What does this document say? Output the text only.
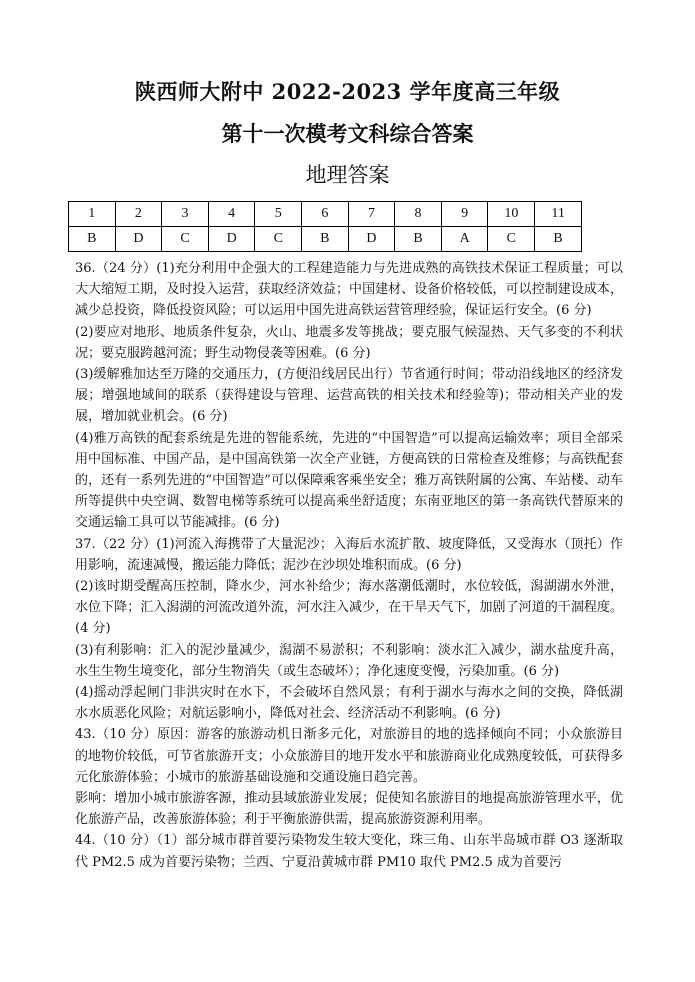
陕西师大附中 2022-2023 学年度高三年级
第十一次模考文科综合答案
地理答案
1	2	3	4	5	6	7	8	9	10	11
B	D	C	D	C	B	D	B	A	C	B

36.（24 分）(1)充分利用中企强大的工程建造能力与先进成熟的高铁技术保证工程质量；可以大大缩短工期，及时投入运营，获取经济效益；中国建材、设备价格较低，可以控制建设成本，减少总投资，降低投资风险；可以运用中国先进高铁运营管理经验，保证运行安全。(6 分)

(2)要应对地形、地质条件复杂，火山、地震多发等挑战；要克服气候湿热、天气多变的不利状况；要克服跨越河流；野生动物侵袭等困难。(6 分)

(3)缓解雅加达至万隆的交通压力，(方便沿线居民出行）节省通行时间；带动沿线地区的经济发展；增强地域间的联系（获得建设与管理、运营高铁的相关技术和经验等)；带动相关产业的发展，增加就业机会。(6 分)

(4)雅万高铁的配套系统是先进的智能系统，先进的“中国智造”可以提高运输效率；项目全部采用中国标准、中国产品，是中国高铁第一次全产业链，方便高铁的日常检查及维修；与高铁配套的，还有一系列先进的“中国智造”可以保障乘客乘坐安全；雅万高铁附属的公寓、车站楼、动车所等提供中央空调、数智电梯等系统可以提高乘坐舒适度；东南亚地区的第一条高铁代替原来的交通运输工具可以节能减排。(6 分)

37.（22 分）(1)河流入海携带了大量泥沙；入海后水流扩散、坡度降低，又受海水（顶托）作用影响，流速减慢，搬运能力降低；泥沙在沙坝处堆积而成。(6 分)

(2)该时期受醒高压控制，降水少，河水补给少；海水落潮低潮时，水位较低，潟湖湖水外泄，水位下降；汇入潟湖的河流改道外流，河水注入减少，在干旱天气下，加剧了河道的干涸程度。(4 分)

(3)有利影响：汇入的泥沙量减少，潟湖不易淤积；不利影响：淡水汇入减少，湖水盐度升高，水生生物生境变化，部分生物消失（或生态破坏）；净化速度变慢，污染加重。(6 分)

(4)摇动浮起闸门非洪灾时在水下，不会破坏自然风景；有利于湖水与海水之间的交换，降低湖水水质恶化风险；对航运影响小，降低对社会、经济活动不利影响。(6 分)

43.（10 分）原因：游客的旅游动机日渐多元化，对旅游目的地的选择倾向不同；小众旅游目的地物价较低，可节省旅游开支；小众旅游目的地开发水平和旅游商业化成熟度较低，可获得多元化旅游体验；小城市的旅游基础设施和交通设施日趋完善。

影响：增加小城市旅游客源，推动县域旅游业发展；促使知名旅游目的地提高旅游管理水平，优化旅游产品，改善旅游体验；利于平衡旅游供需，提高旅游资源利用率。

44.（10 分）（1）部分城市群首要污染物发生较大变化，珠三角、山东半岛城市群 O3 逐渐取代 PM2.5 成为首要污染物；兰西、宁夏沿黄城市群 PM10 取代 PM2.5 成为首要污
